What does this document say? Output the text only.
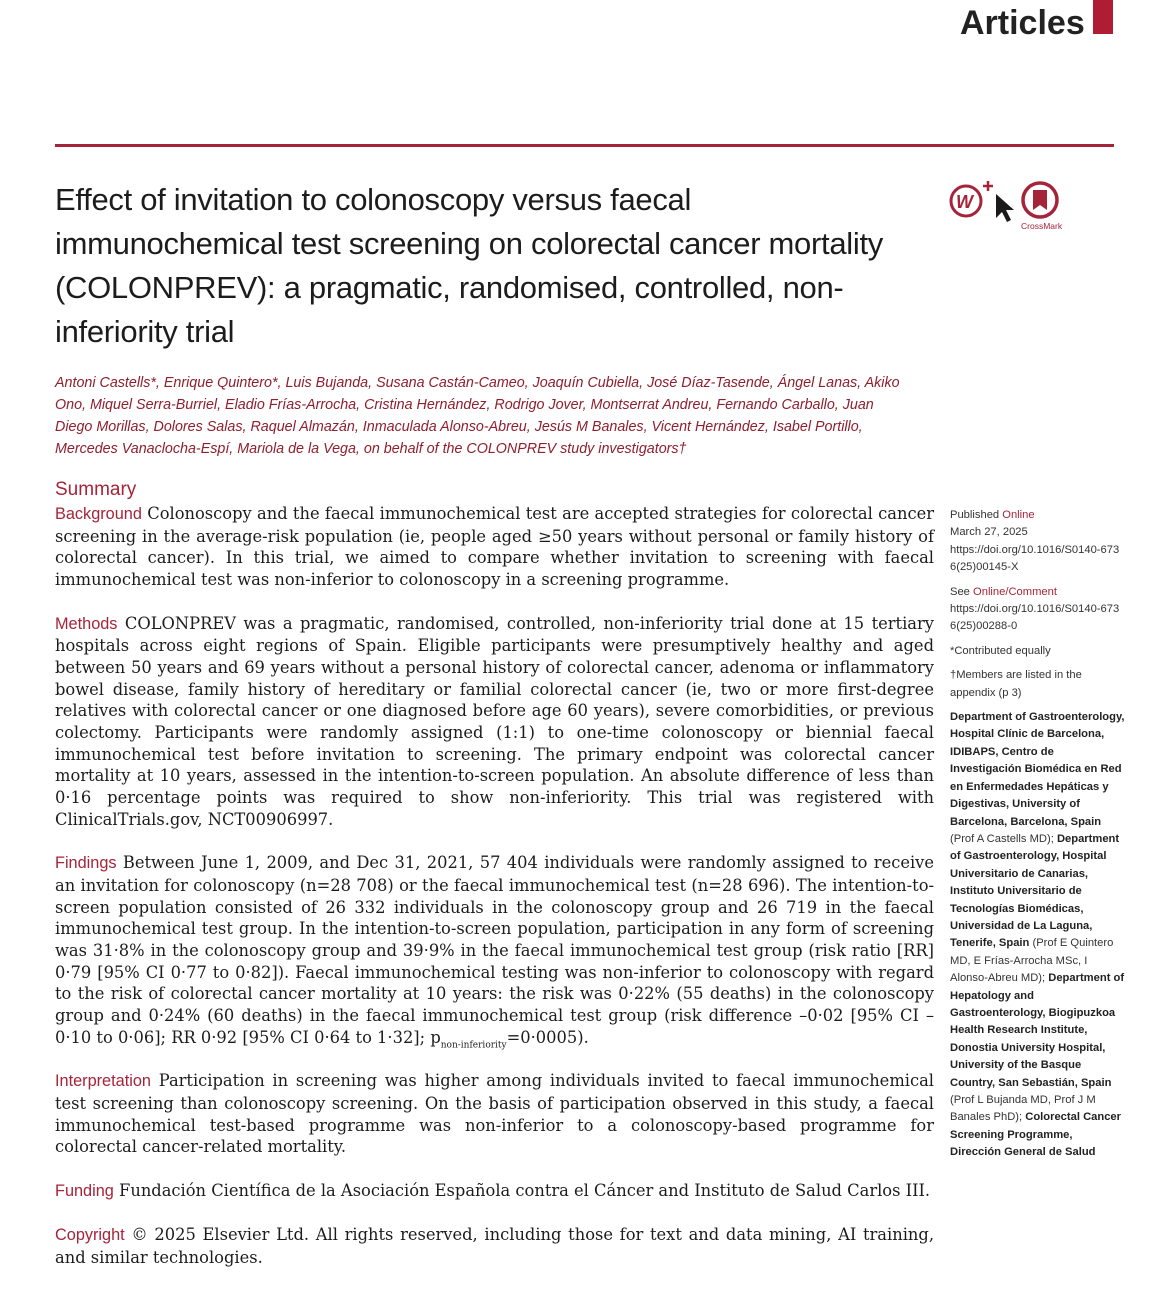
Articles
Effect of invitation to colonoscopy versus faecal immunochemical test screening on colorectal cancer mortality (COLONPREV): a pragmatic, randomised, controlled, non-inferiority trial
W
CrossMark
Antoni Castells*, Enrique Quintero*, Luis Bujanda, Susana Castán-Cameo, Joaquín Cubiella, José Díaz-Tasende, Ángel Lanas, Akiko Ono, Miquel Serra-Burriel, Eladio Frías-Arrocha, Cristina Hernández, Rodrigo Jover, Montserrat Andreu, Fernando Carballo, Juan Diego Morillas, Dolores Salas, Raquel Almazán, Inmaculada Alonso-Abreu, Jesús M Banales, Vicent Hernández, Isabel Portillo, Mercedes Vanaclocha-Espí, Mariola de la Vega, on behalf of the COLONPREV study investigators†
Summary

Background Colonoscopy and the faecal immunochemical test are accepted strategies for colorectal cancer screening in the average-risk population (ie, people aged ≥50 years without personal or family history of colorectal cancer). In this trial, we aimed to compare whether invitation to screening with faecal immunochemical test was non-inferior to colonoscopy in a screening programme.

Methods COLONPREV was a pragmatic, randomised, controlled, non-inferiority trial done at 15 tertiary hospitals across eight regions of Spain. Eligible participants were presumptively healthy and aged between 50 years and 69 years without a personal history of colorectal cancer, adenoma or inflammatory bowel disease, family history of hereditary or familial colorectal cancer (ie, two or more first-degree relatives with colorectal cancer or one diagnosed before age 60 years), severe comorbidities, or previous colectomy. Participants were randomly assigned (1:1) to one-time colonoscopy or biennial faecal immunochemical test before invitation to screening. The primary endpoint was colorectal cancer mortality at 10 years, assessed in the intention-to-screen population. An absolute difference of less than 0·16 percentage points was required to show non-inferiority. This trial was registered with ClinicalTrials.gov, NCT00906997.

Findings Between June 1, 2009, and Dec 31, 2021, 57 404 individuals were randomly assigned to receive an invitation for colonoscopy (n=28 708) or the faecal immunochemical test (n=28 696). The intention-to-screen population consisted of 26 332 individuals in the colonoscopy group and 26 719 in the faecal immunochemical test group. In the intention-to-screen population, participation in any form of screening was 31·8% in the colonoscopy group and 39·9% in the faecal immunochemical test group (risk ratio [RR] 0·79 [95% CI 0·77 to 0·82]). Faecal immunochemical testing was non-inferior to colonoscopy with regard to the risk of colorectal cancer mortality at 10 years: the risk was 0·22% (55 deaths) in the colonoscopy group and 0·24% (60 deaths) in the faecal immunochemical test group (risk difference –0·02 [95% CI –0·10 to 0·06]; RR 0·92 [95% CI 0·64 to 1·32]; $p_{non-inferiority}=0\cdot 0005$).

Interpretation Participation in screening was higher among individuals invited to faecal immunochemical test screening than colonoscopy screening. On the basis of participation observed in this study, a faecal immunochemical test-based programme was non-inferior to a colonoscopy-based programme for colorectal cancer-related mortality.

Funding Fundación Científica de la Asociación Española contra el Cáncer and Instituto de Salud Carlos III.

Copyright © 2025 Elsevier Ltd. All rights reserved, including those for text and data mining, AI training, and similar technologies.

Published Online
March 27, 2025
https://doi.org/10.1016/S0140-6736(25)00145-X
See Online/Comment
https://doi.org/10.1016/S0140-6736(25)00288-0
*Contributed equally
†Members are listed in the appendix (p 3)
Department of Gastroenterology, Hospital Clínic de Barcelona, IDIBAPS, Centro de Investigación Biomédica en Red en Enfermedades Hepáticas y Digestivas, University of Barcelona, Barcelona, Spain (Prof A Castells MD); Department of Gastroenterology, Hospital Universitario de Canarias, Instituto Universitario de Tecnologías Biomédicas, Universidad de La Laguna, Tenerife, Spain (Prof E Quintero MD, E Frías-Arrocha MSc, I Alonso-Abreu MD); Department of Hepatology and Gastroenterology, Biogipuzkoa Health Research Institute, Donostia University Hospital, University of the Basque Country, San Sebastián, Spain (Prof L Bujanda MD, Prof J M Banales PhD); Colorectal Cancer Screening Programme, Dirección General de Salud
